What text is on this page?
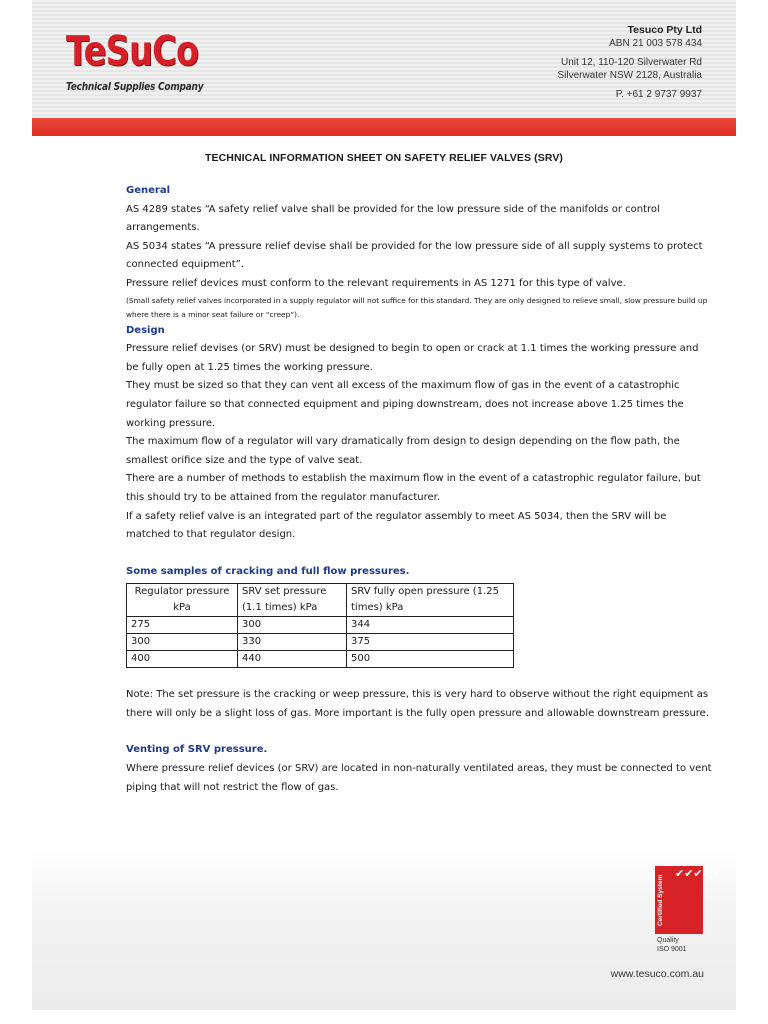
TeSuCo
Technical Supplies Company
Tesuco Pty Ltd
ABN 21 003 578 434
Unit 12, 110-120 Silverwater Rd
Silverwater NSW 2128, Australia
P. +61 2 9737 9937
TECHNICAL INFORMATION SHEET ON SAFETY RELIEF VALVES (SRV)

General

AS 4289 states “A safety relief valve shall be provided for the low pressure side of the manifolds or control arrangements.

AS 5034 states “A pressure relief devise shall be provided for the low pressure side of all supply systems to protect connected equipment”.

Pressure relief devices must conform to the relevant requirements in AS 1271 for this type of valve.

(Small safety relief valves incorporated in a supply regulator will not suffice for this standard. They are only designed to relieve small, slow pressure build up where there is a minor seat failure or “creep”).

Design

Pressure relief devises (or SRV) must be designed to begin to open or crack at 1.1 times the working pressure and be fully open at 1.25 times the working pressure.

They must be sized so that they can vent all excess of the maximum flow of gas in the event of a catastrophic regulator failure so that connected equipment and piping downstream, does not increase above 1.25 times the working pressure.

The maximum flow of a regulator will vary dramatically from design to design depending on the flow path, the smallest orifice size and the type of valve seat.

There are a number of methods to establish the maximum flow in the event of a catastrophic regulator failure, but this should try to be attained from the regulator manufacturer.

If a safety relief valve is an integrated part of the regulator assembly to meet AS 5034, then the SRV will be matched to that regulator design.

Some samples of cracking and full flow pressures.

Regulator pressure kPa	SRV set pressure (1.1 times) kPa	SRV fully open pressure (1.25 times) kPa
275	300	344
300	330	375
400	440	500

Note: The set pressure is the cracking or weep pressure, this is very hard to observe without the right equipment as there will only be a slight loss of gas. More important is the fully open pressure and allowable downstream pressure.

Venting of SRV pressure.

Where pressure relief devices (or SRV) are located in non-naturally ventilated areas, they must be connected to vent piping that will not restrict the flow of gas.

Certified System
✔✔✔✔✔
Quality
ISO 9001
www.tesuco.com.au
